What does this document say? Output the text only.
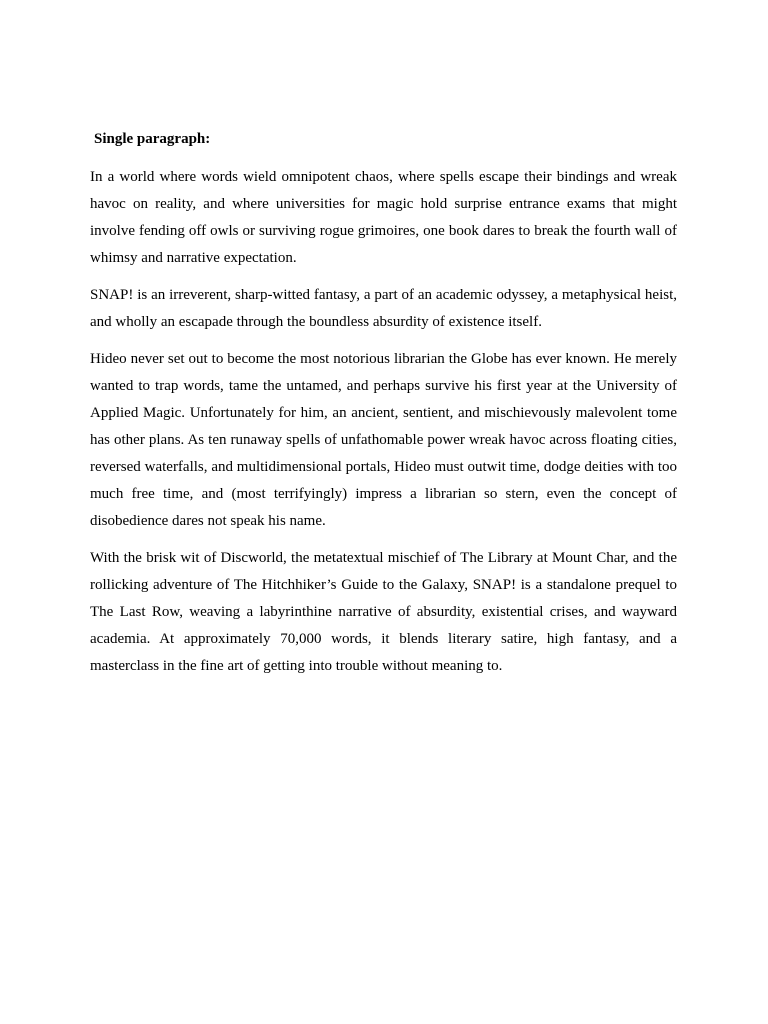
Single paragraph:

In a world where words wield omnipotent chaos, where spells escape their bindings and wreak havoc on reality, and where universities for magic hold surprise entrance exams that might involve fending off owls or surviving rogue grimoires, one book dares to break the fourth wall of whimsy and narrative expectation.

SNAP! is an irreverent, sharp-witted fantasy, a part of an academic odyssey, a metaphysical heist, and wholly an escapade through the boundless absurdity of existence itself.

Hideo never set out to become the most notorious librarian the Globe has ever known. He merely wanted to trap words, tame the untamed, and perhaps survive his first year at the University of Applied Magic. Unfortunately for him, an ancient, sentient, and mischievously malevolent tome has other plans. As ten runaway spells of unfathomable power wreak havoc across floating cities, reversed waterfalls, and multidimensional portals, Hideo must outwit time, dodge deities with too much free time, and (most terrifyingly) impress a librarian so stern, even the concept of disobedience dares not speak his name.

With the brisk wit of Discworld, the metatextual mischief of The Library at Mount Char, and the rollicking adventure of The Hitchhiker’s Guide to the Galaxy, SNAP! is a standalone prequel to The Last Row, weaving a labyrinthine narrative of absurdity, existential crises, and wayward academia. At approximately 70,000 words, it blends literary satire, high fantasy, and a masterclass in the fine art of getting into trouble without meaning to.
